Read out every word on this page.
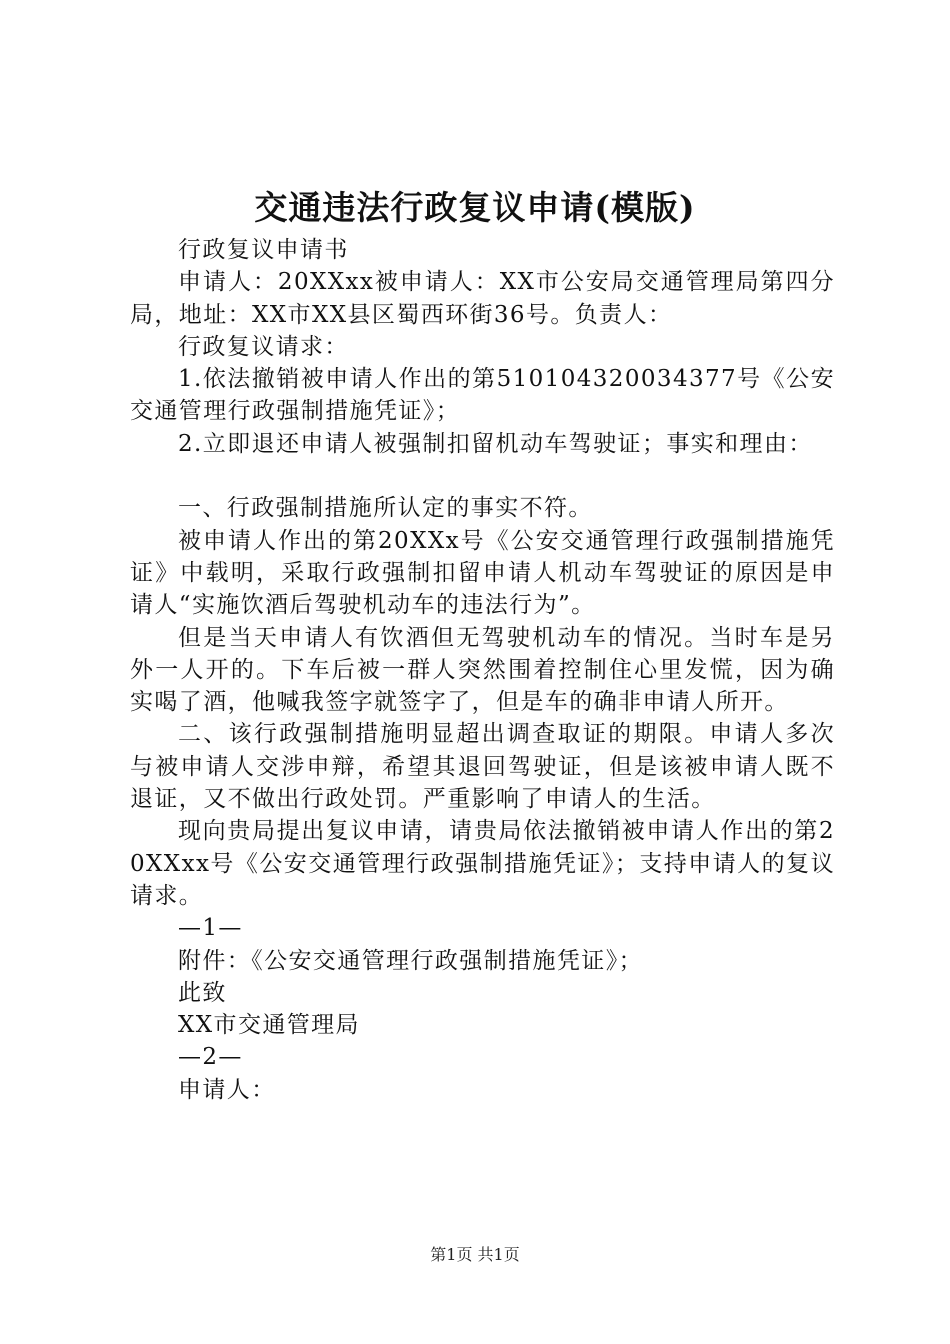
交通违法行政复议申请(模版)

行政复议申请书

申请人：20XXxx被申请人：XX市公安局交通管理局第四分局，地址：XX市XX县区蜀西环街36号。负责人：

行政复议请求：

1.依法撤销被申请人作出的第510104320034377号《公安交通管理行政强制措施凭证》；

2.立即退还申请人被强制扣留机动车驾驶证；事实和理由：

一、行政强制措施所认定的事实不符。

被申请人作出的第20XXx号《公安交通管理行政强制措施凭证》中载明，采取行政强制扣留申请人机动车驾驶证的原因是申请人“实施饮酒后驾驶机动车的违法行为”。

但是当天申请人有饮酒但无驾驶机动车的情况。当时车是另外一人开的。下车后被一群人突然围着控制住心里发慌，因为确实喝了酒，他喊我签字就签字了，但是车的确非申请人所开。

二、该行政强制措施明显超出调查取证的期限。申请人多次与被申请人交涉申辩，希望其退回驾驶证，但是该被申请人既不退证，又不做出行政处罚。严重影响了申请人的生活。

现向贵局提出复议申请，请贵局依法撤销被申请人作出的第20XXxx号《公安交通管理行政强制措施凭证》；支持申请人的复议请求。

—1—

附件：《公安交通管理行政强制措施凭证》；

此致

XX市交通管理局

—2—

申请人：

第1页 共1页
